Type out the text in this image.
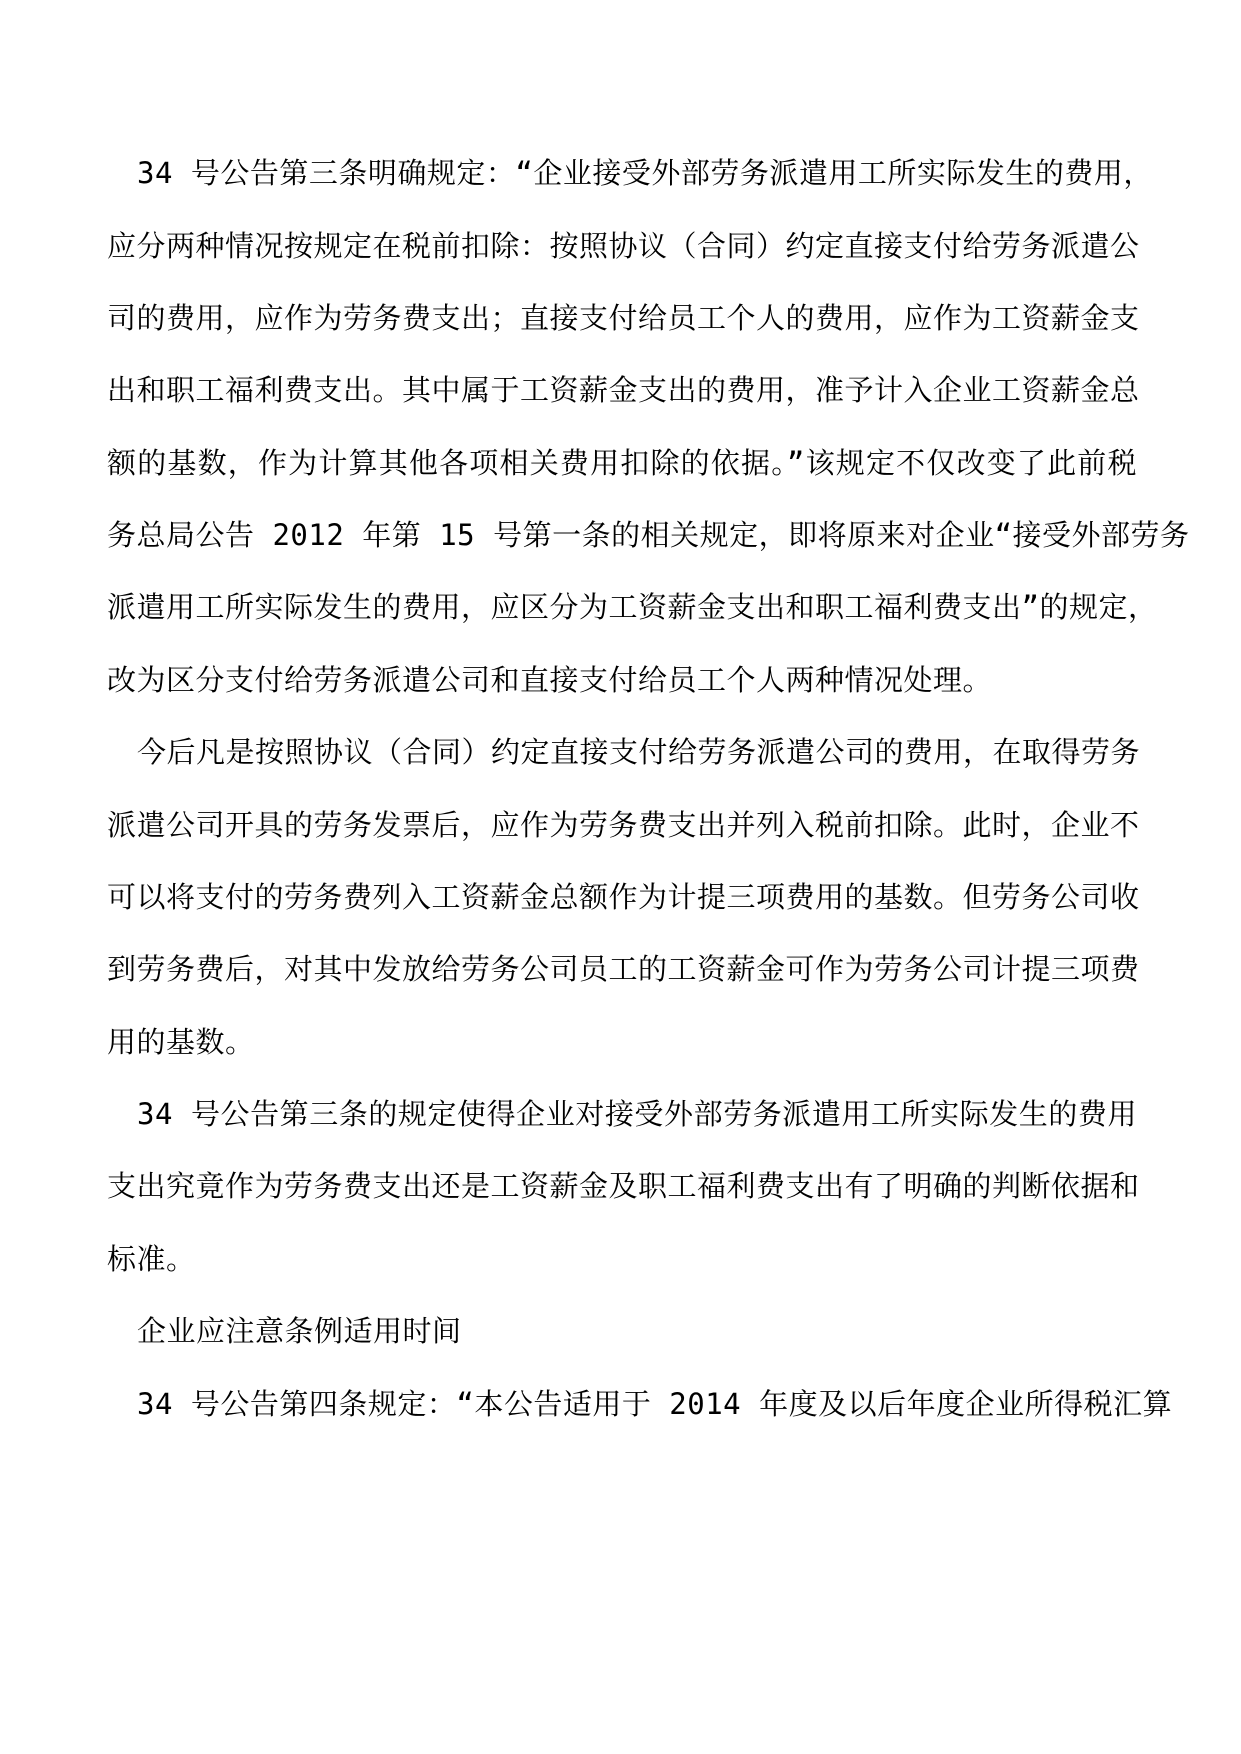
34 号公告第三条明确规定：“企业接受外部劳务派遣用工所实际发生的费用，
应分两种情况按规定在税前扣除：按照协议（合同）约定直接支付给劳务派遣公
司的费用，应作为劳务费支出；直接支付给员工个人的费用，应作为工资薪金支
出和职工福利费支出。其中属于工资薪金支出的费用，准予计入企业工资薪金总
额的基数，作为计算其他各项相关费用扣除的依据。”该规定不仅改变了此前税
务总局公告 2012 年第 15 号第一条的相关规定，即将原来对企业“接受外部劳务
派遣用工所实际发生的费用，应区分为工资薪金支出和职工福利费支出”的规定，
改为区分支付给劳务派遣公司和直接支付给员工个人两种情况处理。
今后凡是按照协议（合同）约定直接支付给劳务派遣公司的费用，在取得劳务
派遣公司开具的劳务发票后，应作为劳务费支出并列入税前扣除。此时，企业不
可以将支付的劳务费列入工资薪金总额作为计提三项费用的基数。但劳务公司收
到劳务费后，对其中发放给劳务公司员工的工资薪金可作为劳务公司计提三项费
用的基数。
34 号公告第三条的规定使得企业对接受外部劳务派遣用工所实际发生的费用
支出究竟作为劳务费支出还是工资薪金及职工福利费支出有了明确的判断依据和
标准。
企业应注意条例适用时间
34 号公告第四条规定：“本公告适用于 2014 年度及以后年度企业所得税汇算
